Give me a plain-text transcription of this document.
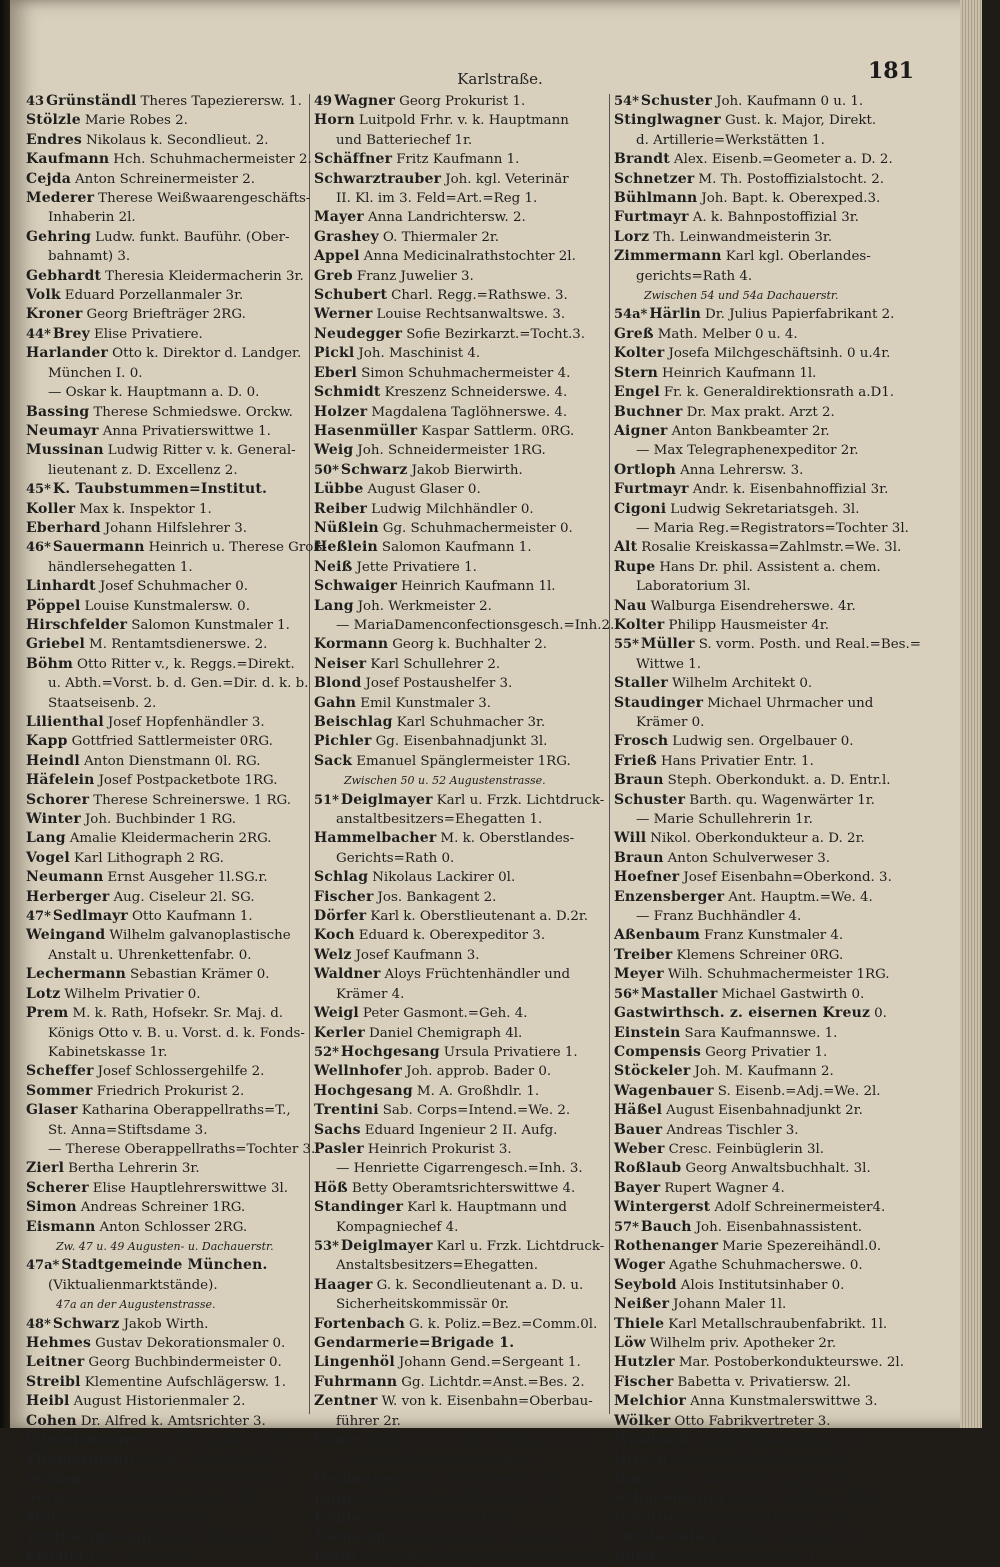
Karlstraße.	181
43 Grünständl Theres Tapezierersw. 1.
Stölzle Marie Robes 2.
Endres Nikolaus k. Secondlieut. 2.
Kaufmann Hch. Schuhmachermeister 2.
Cejda Anton Schreinermeister 2.
Mederer Therese Weißwaarengeschäfts-
Inhaberin 2l.
Gehring Ludw. funkt. Bauführ. (Ober-
bahnamt) 3.
Gebhardt Theresia Kleidermacherin 3r.
Volk Eduard Porzellanmaler 3r.
Kroner Georg Briefträger 2RG.
44* Brey Elise Privatiere.
Harlander Otto k. Direktor d. Landger.
München I. 0.
— Oskar k. Hauptmann a. D. 0.
Bassing Therese Schmiedswe. Orckw.
Neumayr Anna Privatierswittwe 1.
Mussinan Ludwig Ritter v. k. General-
lieutenant z. D. Excellenz 2.
45* K. Taubstummen=Institut.
Koller Max k. Inspektor 1.
Eberhard Johann Hilfslehrer 3.
46* Sauermann Heinrich u. Therese Groß-
händlersehegatten 1.
Linhardt Josef Schuhmacher 0.
Pöppel Louise Kunstmalersw. 0.
Hirschfelder Salomon Kunstmaler 1.
Griebel M. Rentamtsdienerswe. 2.
Böhm Otto Ritter v., k. Reggs.=Direkt.
u. Abth.=Vorst. b. d. Gen.=Dir. d. k. b.
Staatseisenb. 2.
Lilienthal Josef Hopfenhändler 3.
Kapp Gottfried Sattlermeister 0RG.
Heindl Anton Dienstmann 0l. RG.
Häfelein Josef Postpacketbote 1RG.
Schorer Therese Schreinerswe. 1 RG.
Winter Joh. Buchbinder 1 RG.
Lang Amalie Kleidermacherin 2RG.
Vogel Karl Lithograph 2 RG.
Neumann Ernst Ausgeher 1l.SG.r.
Herberger Aug. Ciseleur 2l. SG.
47* Sedlmayr Otto Kaufmann 1.
Weingand Wilhelm galvanoplastische
Anstalt u. Uhrenkettenfabr. 0.
Lechermann Sebastian Krämer 0.
Lotz Wilhelm Privatier 0.
Prem M. k. Rath, Hofsekr. Sr. Maj. d.
Königs Otto v. B. u. Vorst. d. k. Fonds-
Kabinetskasse 1r.
Scheffer Josef Schlossergehilfe 2.
Sommer Friedrich Prokurist 2.
Glaser Katharina Oberappellraths=T.,
St. Anna=Stiftsdame 3.
— Therese Oberappellraths=Tochter 3.
Zierl Bertha Lehrerin 3r.
Scherer Elise Hauptlehrerswittwe 3l.
Simon Andreas Schreiner 1RG.
Eismann Anton Schlosser 2RG.
Zw. 47 u. 49 Augusten- u. Dachauerstr.
47a* Stadtgemeinde München.
(Viktualienmarktstände).
47a an der Augustenstrasse.
48* Schwarz Jakob Wirth.
Hehmes Gustav Dekorationsmaler 0.
Leitner Georg Buchbindermeister 0.
Streibl Klementine Aufschlägersw. 1.
Heibl August Historienmaler 2.
Cohen Dr. Alfred k. Amtsrichter 3.
Wieselsberger Joh. Drechslerm. 0RG.
Zimmermann Gottfr. Holzhdl. 0RG.
Schlag Franz Schlossermeister 1RG.
Sertel Maria Briefträgersw. 1 RG.
Matz Alois Schlosser 2RG.
49* Hochgesang Ursula Privatiere.
Fischer Joh. Monteur 0..
49 Wagner Georg Prokurist 1.
Horn Luitpold Frhr. v. k. Hauptmann
und Batteriechef 1r.
Schäffner Fritz Kaufmann 1.
Schwarztrauber Joh. kgl. Veterinär
II. Kl. im 3. Feld=Art.=Reg 1.
Mayer Anna Landrichtersw. 2.
Grashey O. Thiermaler 2r.
Appel Anna Medicinalrathstochter 2l.
Greb Franz Juwelier 3.
Schubert Charl. Regg.=Rathswe. 3.
Werner Louise Rechtsanwaltswe. 3.
Neudegger Sofie Bezirkarzt.=Tocht.3.
Pickl Joh. Maschinist 4.
Eberl Simon Schuhmachermeister 4.
Schmidt Kreszenz Schneiderswe. 4.
Holzer Magdalena Taglöhnerswe. 4.
Hasenmüller Kaspar Sattlerm. 0RG.
Weig Joh. Schneidermeister 1RG.
50* Schwarz Jakob Bierwirth.
Lübbe August Glaser 0.
Reiber Ludwig Milchhändler 0.
Nüßlein Gg. Schuhmachermeister 0.
Heßlein Salomon Kaufmann 1.
Neiß Jette Privatiere 1.
Schwaiger Heinrich Kaufmann 1l.
Lang Joh. Werkmeister 2.
— MariaDamenconfectionsgesch.=Inh.2.
Kormann Georg k. Buchhalter 2.
Neiser Karl Schullehrer 2.
Blond Josef Postaushelfer 3.
Gahn Emil Kunstmaler 3.
Beischlag Karl Schuhmacher 3r.
Pichler Gg. Eisenbahnadjunkt 3l.
Sack Emanuel Spänglermeister 1RG.
Zwischen 50 u. 52 Augustenstrasse.
51* Deiglmayer Karl u. Frzk. Lichtdruck-
anstaltbesitzers=Ehegatten 1.
Hammelbacher M. k. Oberstlandes-
Gerichts=Rath 0.
Schlag Nikolaus Lackirer 0l.
Fischer Jos. Bankagent 2.
Dörfer Karl k. Oberstlieutenant a. D.2r.
Koch Eduard k. Oberexpeditor 3.
Welz Josef Kaufmann 3.
Waldner Aloys Früchtenhändler und
Krämer 4.
Weigl Peter Gasmont.=Geh. 4.
Kerler Daniel Chemigraph 4l.
52* Hochgesang Ursula Privatiere 1.
Wellnhofer Joh. approb. Bader 0.
Hochgesang M. A. Großhdlr. 1.
Trentini Sab. Corps=Intend.=We. 2.
Sachs Eduard Ingenieur 2 II. Aufg.
Pasler Heinrich Prokurist 3.
— Henriette Cigarrengesch.=Inh. 3.
Höß Betty Oberamtsrichterswittwe 4.
Standinger Karl k. Hauptmann und
Kompagniechef 4.
53* Deiglmayer Karl u. Frzk. Lichtdruck-
Anstaltsbesitzers=Ehegatten.
Haager G. k. Secondlieutenant a. D. u.
Sicherheitskommissär 0r.
Fortenbach G. k. Poliz.=Bez.=Comm.0l.
Gendarmerie=Brigade 1.
Lingenhöl Johann Gend.=Sergeant 1.
Fuhrmann Gg. Lichtdr.=Anst.=Bes. 2.
Zentner W. von k. Eisenbahn=Oberbau-
führer 2r.
Bauer Wilh. k. Bez.=Ger.=Rath a. D. 3.
— Jos. k. Premierlieutenant 3.
Heuberger Franz Schreinermst. 3l.
Jung Ludw. k. Secondlieutenant 3l.
Köhler Josef Bankbeamter 4.
Niemann Eugenie Schulverweserin 4r.
Reuß Georg kgl. Bahnpost. Conducteur 4l.
54* Schuster Joh. Kaufmann 0 u. 1.
Stinglwagner Gust. k. Major, Direkt.
d. Artillerie=Werkstätten 1.
Brandt Alex. Eisenb.=Geometer a. D. 2.
Schnetzer M. Th. Postoffizialstocht. 2.
Bühlmann Joh. Bapt. k. Oberexped.3.
Furtmayr A. k. Bahnpostoffizial 3r.
Lorz Th. Leinwandmeisterin 3r.
Zimmermann Karl kgl. Oberlandes-
gerichts=Rath 4.
Zwischen 54 und 54a Dachauerstr.
54a* Härlin Dr. Julius Papierfabrikant 2.
Greß Math. Melber 0 u. 4.
Kolter Josefa Milchgeschäftsinh. 0 u.4r.
Stern Heinrich Kaufmann 1l.
Engel Fr. k. Generaldirektionsrath a.D1.
Buchner Dr. Max prakt. Arzt 2.
Aigner Anton Bankbeamter 2r.
— Max Telegraphenexpeditor 2r.
Ortloph Anna Lehrersw. 3.
Furtmayr Andr. k. Eisenbahnoffizial 3r.
Cigoni Ludwig Sekretariatsgeh. 3l.
— Maria Reg.=Registrators=Tochter 3l.
Alt Rosalie Kreiskassa=Zahlmstr.=We. 3l.
Rupe Hans Dr. phil. Assistent a. chem.
Laboratorium 3l.
Nau Walburga Eisendreherswe. 4r.
Kolter Philipp Hausmeister 4r.
55* Müller S. vorm. Posth. und Real.=Bes.=
Wittwe 1.
Staller Wilhelm Architekt 0.
Staudinger Michael Uhrmacher und
Krämer 0.
Frosch Ludwig sen. Orgelbauer 0.
Frieß Hans Privatier Entr. 1.
Braun Steph. Oberkondukt. a. D. Entr.l.
Schuster Barth. qu. Wagenwärter 1r.
— Marie Schullehrerin 1r.
Will Nikol. Oberkondukteur a. D. 2r.
Braun Anton Schulverweser 3.
Hoefner Josef Eisenbahn=Oberkond. 3.
Enzensberger Ant. Hauptm.=We. 4.
— Franz Buchhändler 4.
Aßenbaum Franz Kunstmaler 4.
Treiber Klemens Schreiner 0RG.
Meyer Wilh. Schuhmachermeister 1RG.
56* Mastaller Michael Gastwirth 0.
Gastwirthsch. z. eisernen Kreuz 0.
Einstein Sara Kaufmannswe. 1.
Compensis Georg Privatier 1.
Stöckeler Joh. M. Kaufmann 2.
Wagenbauer S. Eisenb.=Adj.=We. 2l.
Häßel August Eisenbahnadjunkt 2r.
Bauer Andreas Tischler 3.
Weber Cresc. Feinbüglerin 3l.
Roßlaub Georg Anwaltsbuchhalt. 3l.
Bayer Rupert Wagner 4.
Wintergerst Adolf Schreinermeister4.
57* Bauch Joh. Eisenbahnassistent.
Rothenanger Marie Spezereihändl.0.
Woger Agathe Schuhmacherswe. 0.
Seybold Alois Institutsinhaber 0.
Neißer Johann Maler 1l.
Thiele Karl Metallschraubenfabrikt. 1l.
Löw Wilhelm priv. Apotheker 2r.
Hutzler Mar. Postoberkondukteurswe. 2l.
Fischer Babetta v. Privatiersw. 2l.
Melchior Anna Kunstmalerswittwe 3.
Wölker Otto Fabrikvertreter 3.
Windisch Johann Bureaudiener 4r.
Hirsch Crescenz Taglöhnersw. 4l.
Dorn Alois Landschaftsmaler 1RG.
Schneeberger Math. Taglöhner 1RG.
Gerstner Josef Bautechniker 1RG.
58* Mastaller Michael Gastwirth 0.
Jobst Katharine Krämersw. 1.
